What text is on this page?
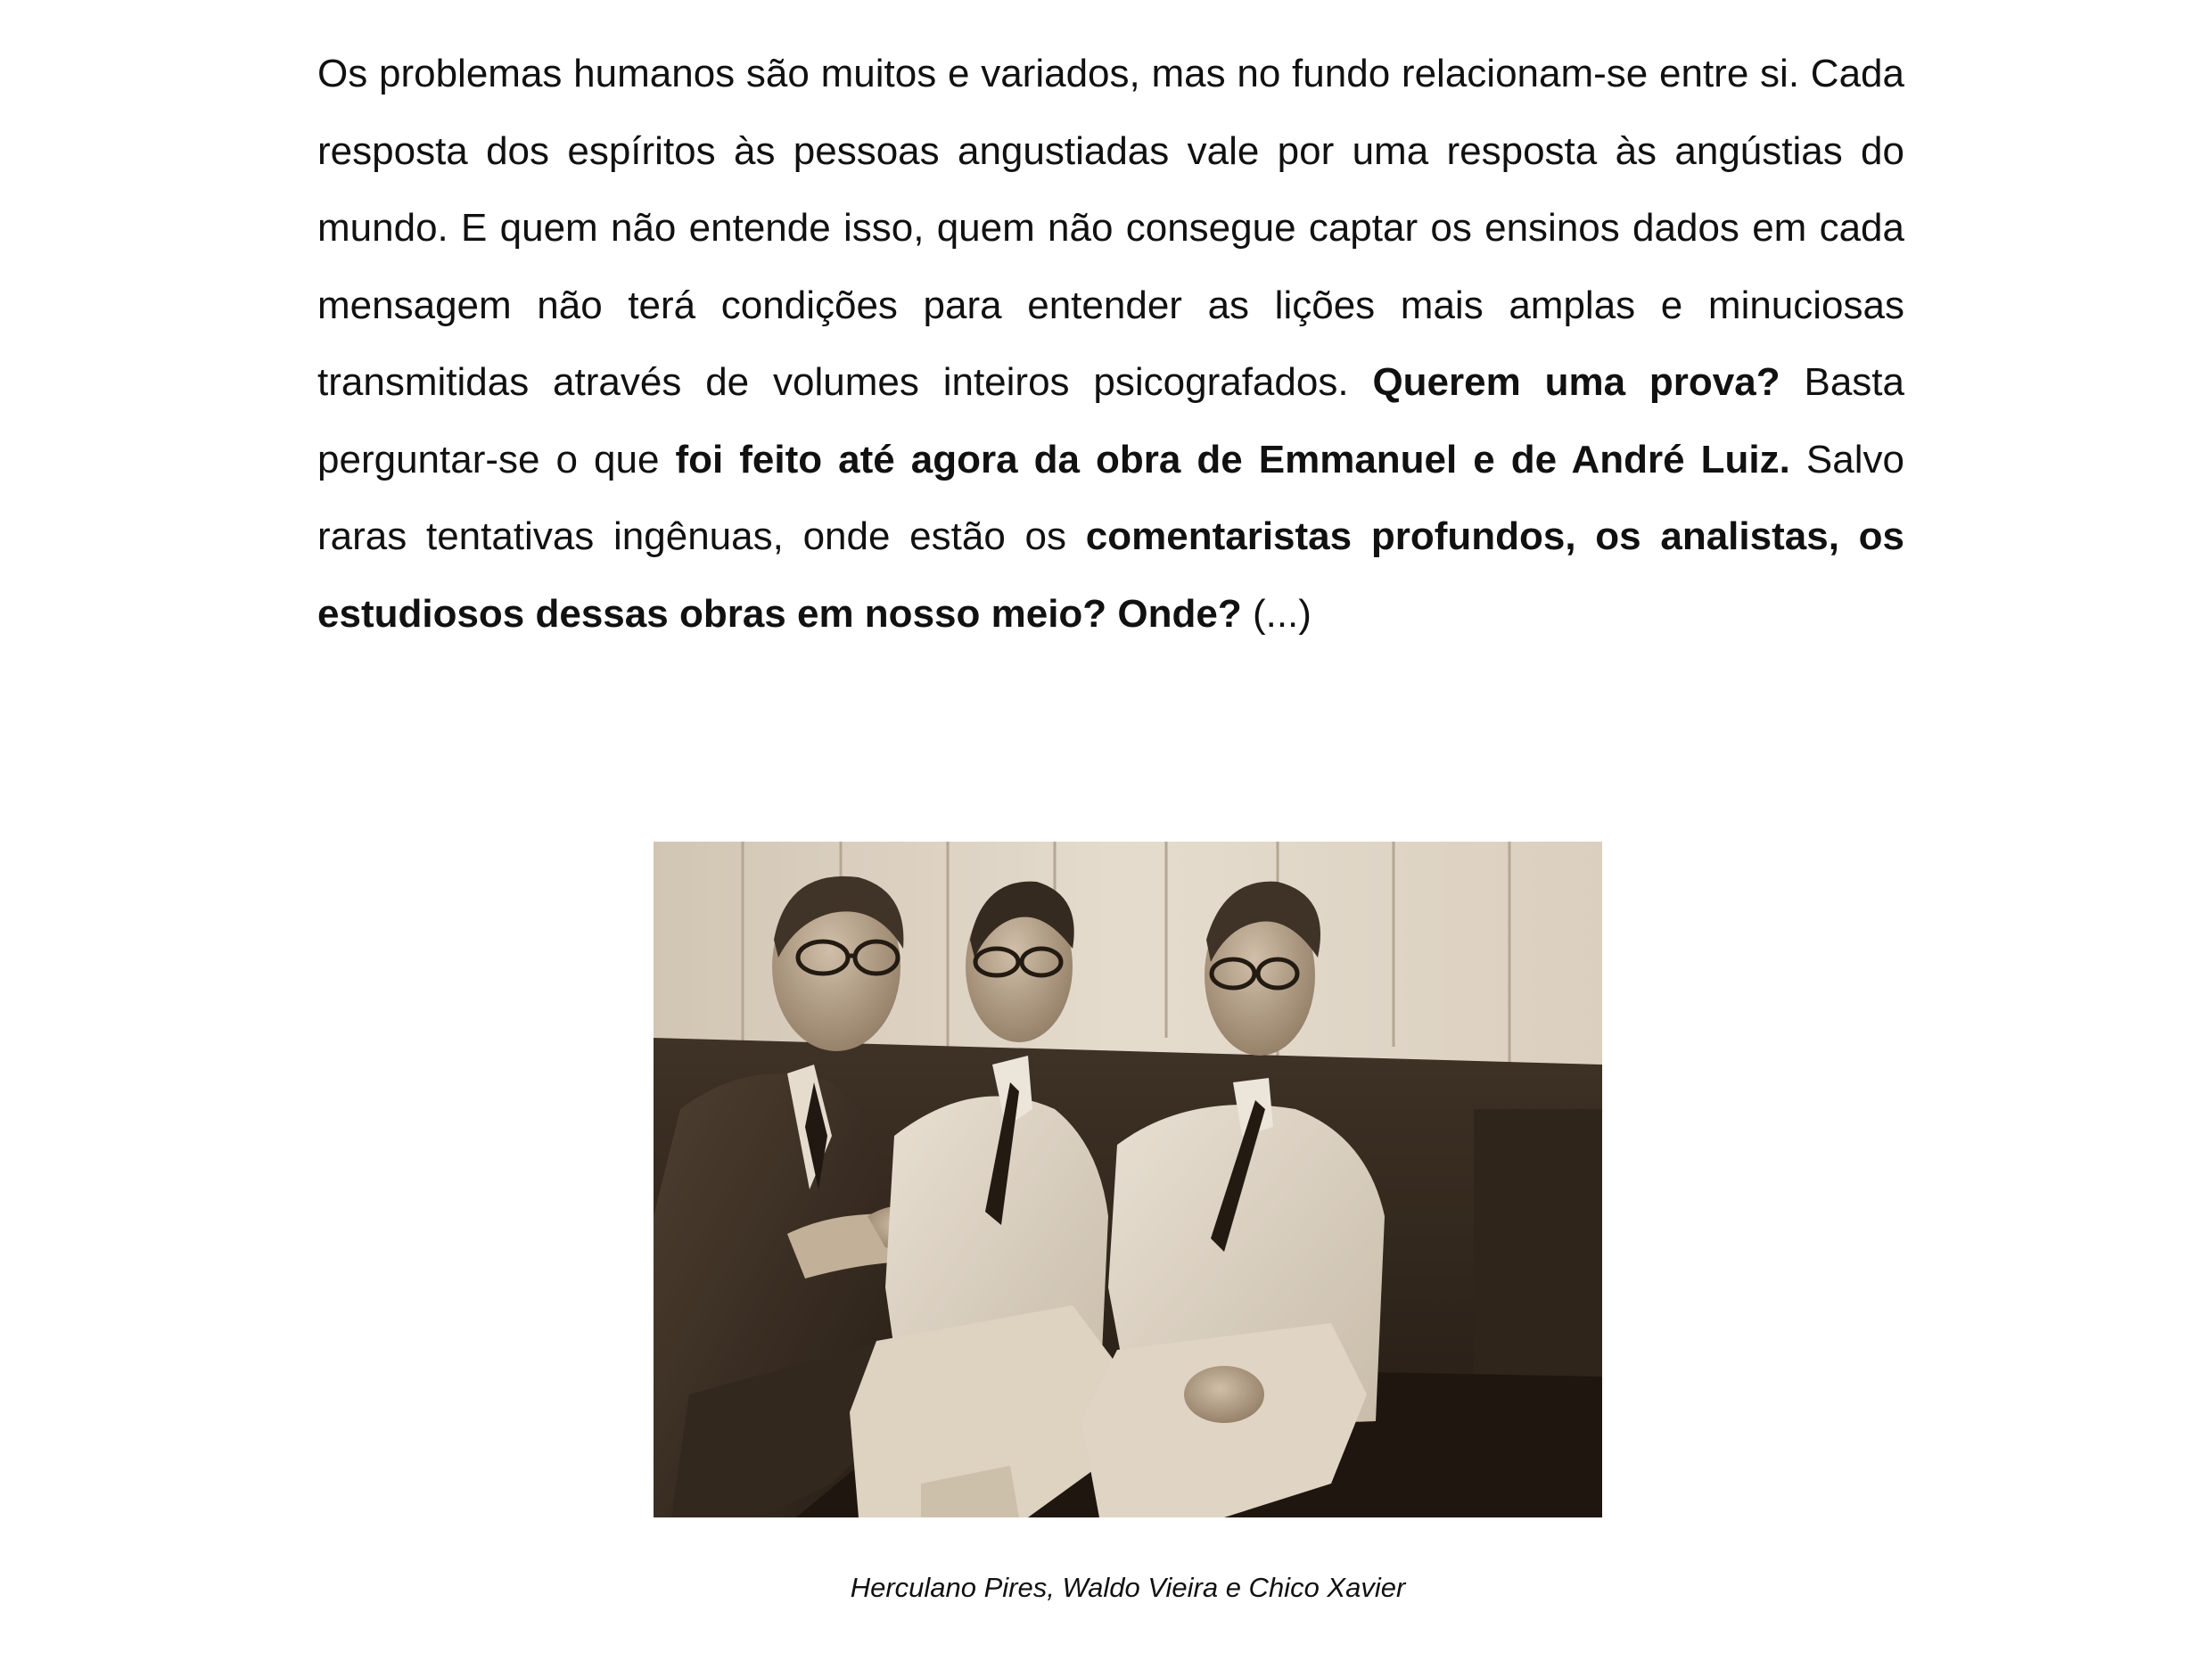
Os problemas humanos são muitos e variados, mas no fundo relacionam-se entre si. Cada resposta dos espíritos às pessoas angustiadas vale por uma resposta às angústias do mundo. E quem não entende isso, quem não consegue captar os ensinos dados em cada mensagem não terá condições para entender as lições mais amplas e minuciosas transmitidas através de volumes inteiros psicografados. Querem uma prova? Basta perguntar-se o que foi feito até agora da obra de Emmanuel e de André Luiz. Salvo raras tentativas ingênuas, onde estão os comentaristas profundos, os analistas, os estudiosos dessas obras em nosso meio? Onde? (...)

Herculano Pires, Waldo Vieira e Chico Xavier
